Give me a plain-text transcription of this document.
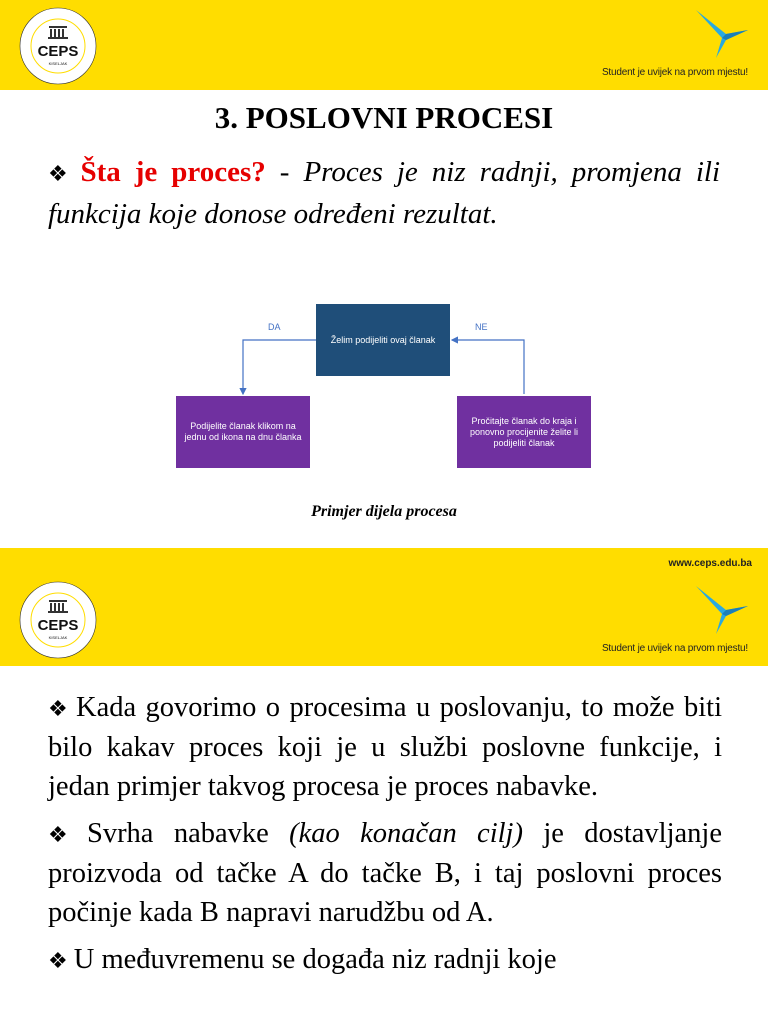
CEPS
KISELJAK
Student je uvijek na prvom mjestu!
3. POSLOVNI PROCESI
❖ Šta je proces? - Proces je niz radnji, promjena ili funkcija koje donose određeni rezultat.
DA	NE
Želim podijeliti ovaj članak
Podijelite članak klikom na jednu od ikona na dnu članka
Pročitajte članak do kraja i ponovno procijenite želite li podijeliti članak
Primjer dijela procesa
www.ceps.edu.ba
CEPS
KISELJAK
Student je uvijek na prvom mjestu!
❖ Kada govorimo o procesima u poslovanju, to može biti bilo kakav proces koji je u službi poslovne funkcije, i jedan primjer takvog procesa je proces nabavke.
❖ Svrha nabavke (kao konačan cilj) je dostavljanje proizvoda od tačke A do tačke B, i taj poslovni proces počinje kada B napravi narudžbu od A.
❖ U međuvremenu se događa niz radnji koje
